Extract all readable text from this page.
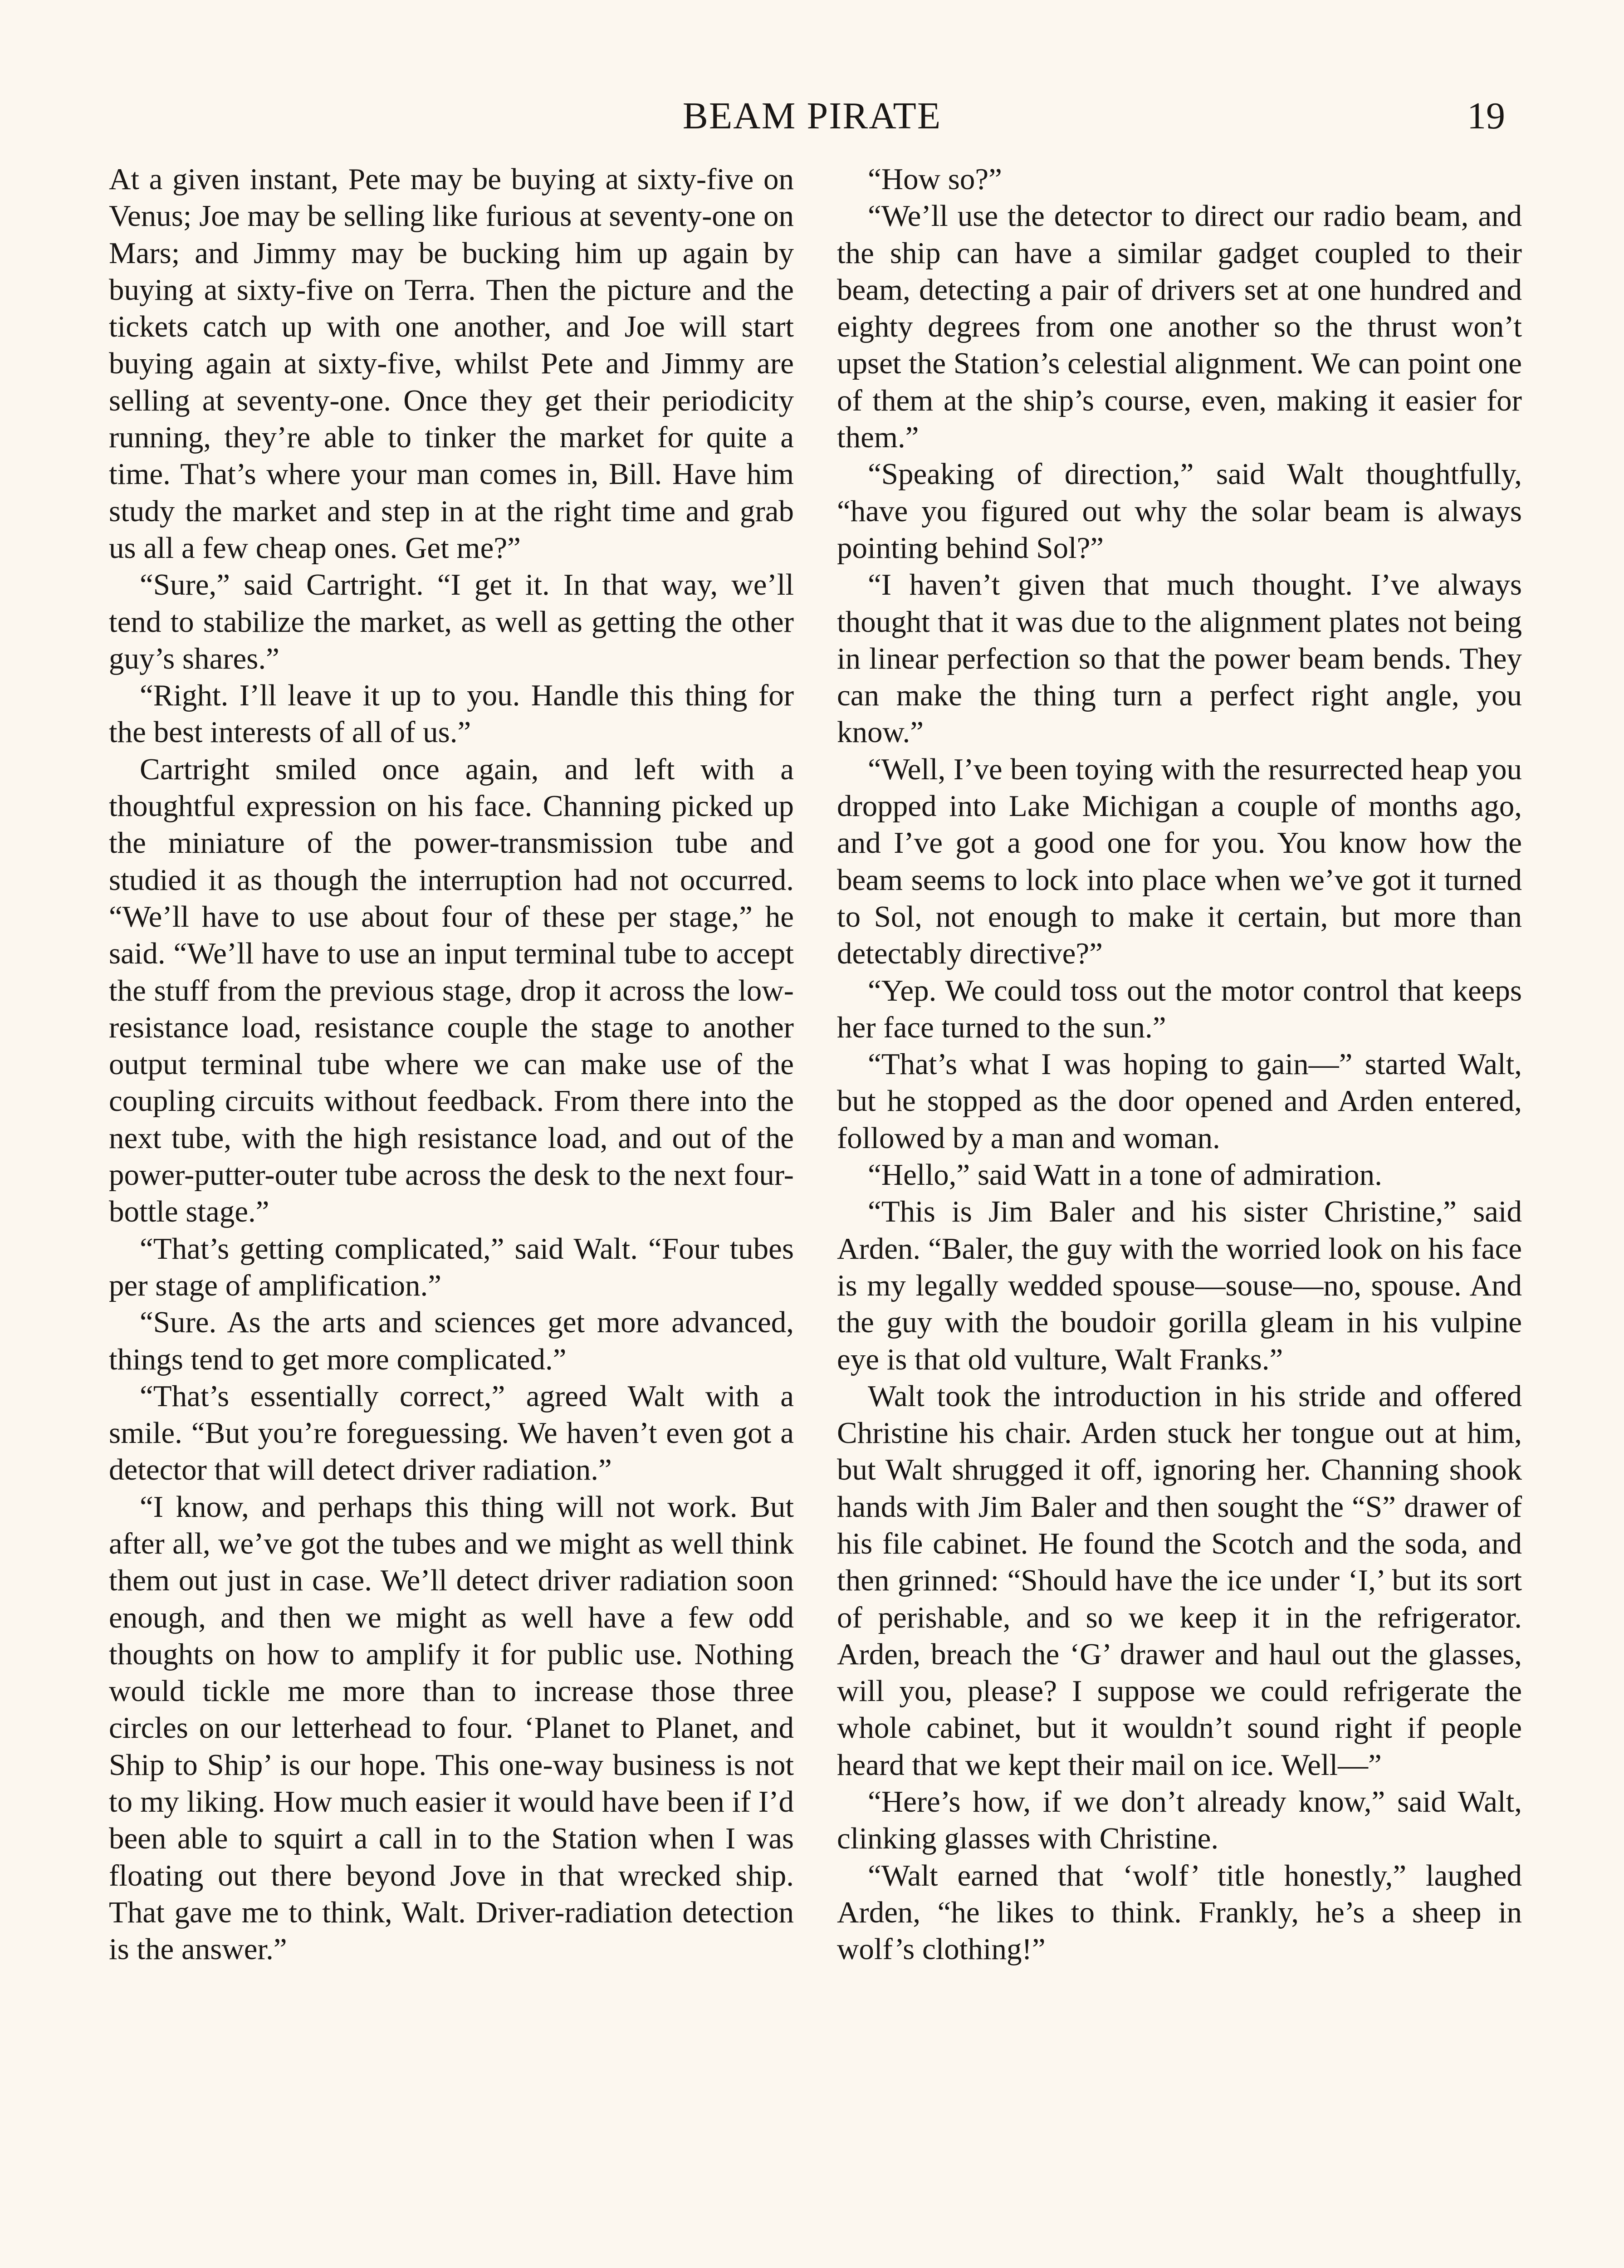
BEAM PIRATE	19

At a given instant, Pete may be buying at sixty-five on Venus; Joe may be selling like furious at seventy-one on Mars; and Jimmy may be bucking him up again by buying at sixty-five on Terra. Then the picture and the tickets catch up with one another, and Joe will start buying again at sixty-five, whilst Pete and Jimmy are selling at seventy-one. Once they get their periodicity running, they’re able to tinker the market for quite a time. That’s where your man comes in, Bill. Have him study the market and step in at the right time and grab us all a few cheap ones. Get me?”

“Sure,” said Cartright. “I get it. In that way, we’ll tend to stabilize the market, as well as getting the other guy’s shares.”

“Right. I’ll leave it up to you. Handle this thing for the best interests of all of us.”

Cartright smiled once again, and left with a thoughtful expression on his face. Channing picked up the miniature of the power-transmission tube and studied it as though the interruption had not occurred. “We’ll have to use about four of these per stage,” he said. “We’ll have to use an input terminal tube to accept the stuff from the previous stage, drop it across the low-resistance load, resistance couple the stage to another output terminal tube where we can make use of the coupling circuits without feedback. From there into the next tube, with the high resistance load, and out of the power-putter-outer tube across the desk to the next four-bottle stage.”

“That’s getting complicated,” said Walt. “Four tubes per stage of amplification.”

“Sure. As the arts and sciences get more advanced, things tend to get more complicated.”

“That’s essentially correct,” agreed Walt with a smile. “But you’re foreguessing. We haven’t even got a detector that will detect driver radiation.”

“I know, and perhaps this thing will not work. But after all, we’ve got the tubes and we might as well think them out just in case. We’ll detect driver radiation soon enough, and then we might as well have a few odd thoughts on how to amplify it for public use. Nothing would tickle me more than to increase those three circles on our letterhead to four. ‘Planet to Planet, and Ship to Ship’ is our hope. This one-way business is not to my liking. How much easier it would have been if I’d been able to squirt a call in to the Station when I was floating out there beyond Jove in that wrecked ship. That gave me to think, Walt. Driver-radiation detection is the answer.”

“How so?”

“We’ll use the detector to direct our radio beam, and the ship can have a similar gadget coupled to their beam, detecting a pair of drivers set at one hundred and eighty degrees from one another so the thrust won’t upset the Station’s celestial alignment. We can point one of them at the ship’s course, even, making it easier for them.”

“Speaking of direction,” said Walt thoughtfully, “have you figured out why the solar beam is always pointing behind Sol?”

“I haven’t given that much thought. I’ve always thought that it was due to the alignment plates not being in linear perfection so that the power beam bends. They can make the thing turn a perfect right angle, you know.”

“Well, I’ve been toying with the resurrected heap you dropped into Lake Michigan a couple of months ago, and I’ve got a good one for you. You know how the beam seems to lock into place when we’ve got it turned to Sol, not enough to make it certain, but more than detectably directive?”

“Yep. We could toss out the motor control that keeps her face turned to the sun.”

“That’s what I was hoping to gain—” started Walt, but he stopped as the door opened and Arden entered, followed by a man and woman.

“Hello,” said Watt in a tone of admiration.

“This is Jim Baler and his sister Christine,” said Arden. “Baler, the guy with the worried look on his face is my legally wedded spouse—souse—no, spouse. And the guy with the boudoir gorilla gleam in his vulpine eye is that old vulture, Walt Franks.”

Walt took the introduction in his stride and offered Christine his chair. Arden stuck her tongue out at him, but Walt shrugged it off, ignoring her. Channing shook hands with Jim Baler and then sought the “S” drawer of his file cabinet. He found the Scotch and the soda, and then grinned: “Should have the ice under ‘I,’ but its sort of perishable, and so we keep it in the refrigerator. Arden, breach the ‘G’ drawer and haul out the glasses, will you, please? I suppose we could refrigerate the whole cabinet, but it wouldn’t sound right if people heard that we kept their mail on ice. Well—”

“Here’s how, if we don’t already know,” said Walt, clinking glasses with Christine.

“Walt earned that ‘wolf’ title honestly,” laughed Arden, “he likes to think. Frankly, he’s a sheep in wolf’s clothing!”
